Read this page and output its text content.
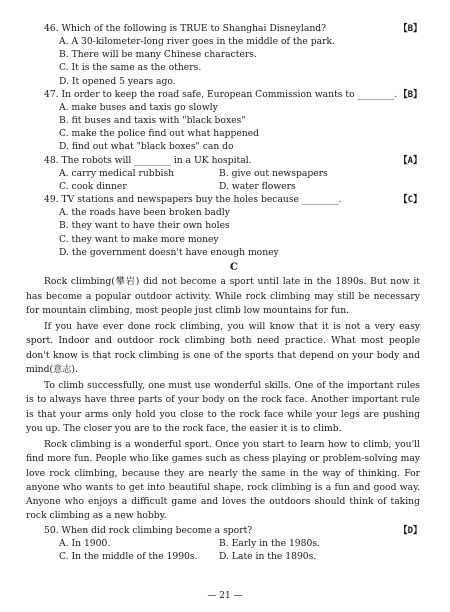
46. Which of the following is TRUE to Shanghai Disneyland?	【B】
A. A 30-kilometer-long river goes in the middle of the park.
B. There will be many Chinese characters.
C. It is the same as the others.
D. It opened 5 years ago.
47. In order to keep the road safe, European Commission wants to ________. 【B】
A. make buses and taxis go slowly
B. fit buses and taxis with "black boxes"
C. make the police find out what happened
D. find out what "black boxes" can do
48. The robots will ________ in a UK hospital.	【A】
A. carry medical rubbish	B. give out newspapers
C. cook dinner	D. water flowers
49. TV stations and newspapers buy the holes because ________.	【C】
A. the roads have been broken badly
B. they want to have their own holes
C. they want to make more money
D. the government doesn't have enough money
C

Rock climbing(攀岩) did not become a sport until late in the 1890s. But now it has become a popular outdoor activity. While rock climbing may still be necessary for mountain climbing, most people just climb low mountains for fun.

If you have ever done rock climbing, you will know that it is not a very easy sport. Indoor and outdoor rock climbing both need practice. What most people don't know is that rock climbing is one of the sports that depend on your body and mind(意志).

To climb successfully, one must use wonderful skills. One of the important rules is to always have three parts of your body on the rock face. Another important rule is that your arms only hold you close to the rock face while your legs are pushing you up. The closer you are to the rock face, the easier it is to climb.

Rock climbing is a wonderful sport. Once you start to learn how to climb, you'll find more fun. People who like games such as chess playing or problem-solving may love rock climbing, because they are nearly the same in the way of thinking. For anyone who wants to get into beautiful shape, rock climbing is a fun and good way. Anyone who enjoys a difficult game and loves the outdoors should think of taking rock climbing as a new hobby.

50. When did rock climbing become a sport?	【D】
A. In 1900.	B. Early in the 1980s.
C. In the middle of the 1990s.	D. Late in the 1890s.
— 21 —
